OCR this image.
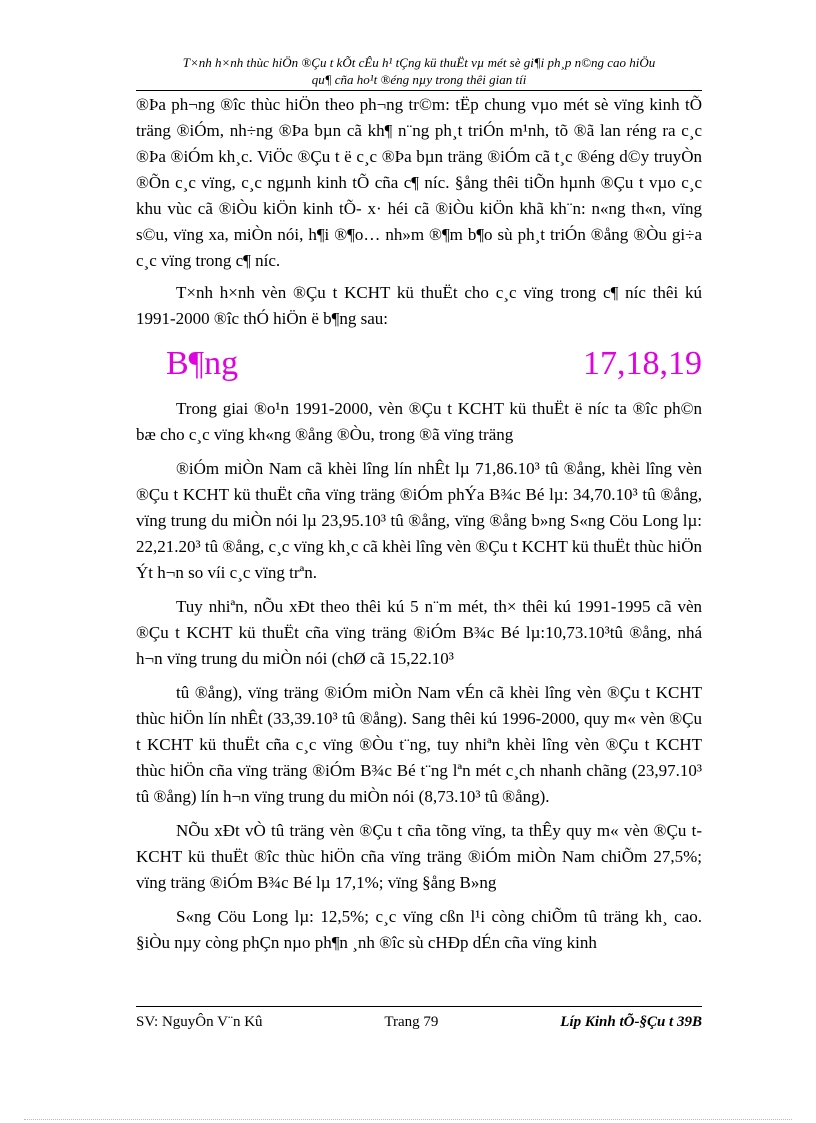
T×nh h×nh thùc hiÖn ®Çu t kÕt cÊu h¹ tÇng kü thuËt vµ mét sè gi¶i ph¸p n©ng cao hiÖu
qu¶ cña ho¹t ®éng nµy trong thêi gian tíi

®Þa ph¬ng ®îc thùc hiÖn theo ph¬ng tr©m: tËp chung vµo mét sè vïng kinh tÕ träng ®iÓm, nh÷ng ®Þa bµn cã kh¶ n¨ng ph¸t triÓn m¹nh, tõ ®ã lan réng ra c¸c ®Þa ®iÓm kh¸c. ViÖc ®Çu t ë c¸c ®Þa bµn träng ®iÓm cã t¸c ®éng d©y truyÒn ®Õn c¸c vïng, c¸c ngµnh kinh tÕ cña c¶ níc. §ång thêi tiÕn hµnh ®Çu t vµo c¸c khu vùc cã ®iÒu kiÖn kinh tÕ- x· héi cã ®iÒu kiÖn khã kh¨n: n«ng th«n, vïng s©u, vïng xa, miÒn nói, h¶i ®¶o… nh»m ®¶m b¶o sù ph¸t triÓn ®ång ®Òu gi÷a c¸c vïng trong c¶ níc.

T×nh h×nh vèn ®Çu t KCHT kü thuËt cho c¸c vïng trong c¶ níc thêi kú 1991-2000 ®îc thÓ hiÖn ë b¶ng sau:

B¶ng	17,18,19

Trong giai ®o¹n 1991-2000, vèn ®Çu t KCHT kü thuËt ë níc ta ®îc ph©n bæ cho c¸c vïng kh«ng ®ång ®Òu, trong ®ã vïng träng

®iÓm miÒn Nam cã khèi lîng lín nhÊt lµ 71,86.10³ tû ®ång, khèi lîng vèn ®Çu t KCHT kü thuËt cña vïng träng ®iÓm phÝa B¾c Bé lµ: 34,70.10³ tû ®ång, vïng trung du miÒn nói lµ 23,95.10³ tû ®ång, vïng ®ång b»ng S«ng Cöu Long lµ: 22,21.20³ tû ®ång, c¸c vïng kh¸c cã khèi lîng vèn ®Çu t KCHT kü thuËt thùc hiÖn Ýt h¬n so víi c¸c vïng trªn.

Tuy nhiªn, nÕu xÐt theo thêi kú 5 n¨m mét, th× thêi kú 1991-1995 cã vèn ®Çu t KCHT kü thuËt cña vïng träng ®iÓm B¾c Bé lµ:10,73.10³tû ®ång, nhá h¬n vïng trung du miÒn nói (chØ cã 15,22.10³

tû ®ång), vïng träng ®iÓm miÒn Nam vÉn cã khèi lîng vèn ®Çu t KCHT thùc hiÖn lín nhÊt (33,39.10³ tû ®ång). Sang thêi kú 1996-2000, quy m« vèn ®Çu t KCHT kü thuËt cña c¸c vïng ®Òu t¨ng, tuy nhiªn khèi lîng vèn ®Çu t KCHT thùc hiÖn cña vïng träng ®iÓm B¾c Bé t¨ng lªn mét c¸ch nhanh chãng (23,97.10³ tû ®ång) lín h¬n vïng trung du miÒn nói (8,73.10³ tû ®ång).

NÕu xÐt vÒ tû träng vèn ®Çu t cña tõng vïng, ta thÊy quy m« vèn ®Çu t KCHT kü thuËt ®îc thùc hiÖn cña vïng träng ®iÓm miÒn Nam chiÕm 27,5%; vïng träng ®iÓm B¾c Bé lµ 17,1%; vïng §ång B»ng

S«ng Cöu Long lµ: 12,5%; c¸c vïng cßn l¹i còng chiÕm tû träng kh¸ cao. §iÒu nµy còng phÇn nµo ph¶n ¸nh ®îc sù cHÐp dÉn cña vïng kinh

SV: NguyÔn V¨n Kû	Trang 79	Líp Kinh tÕ-§Çu t 39B
